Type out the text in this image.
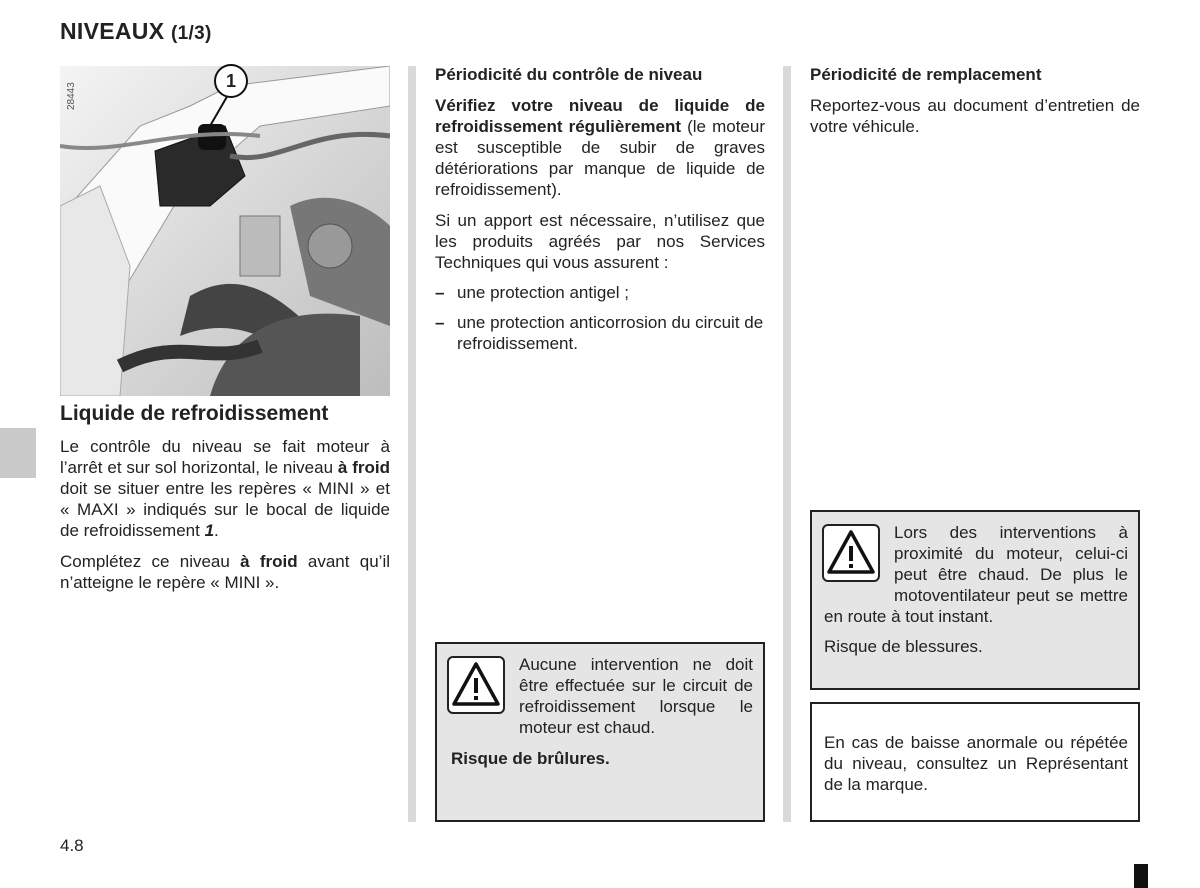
NIVEAUX (1/3)
28443
1
Liquide de refroidissement

Le contrôle du niveau se fait moteur à l’arrêt et sur sol horizontal, le niveau à froid doit se situer entre les repères « MINI » et « MAXI » indiqués sur le bocal de liquide de refroidissement 1.

Complétez ce niveau à froid avant qu’il n’atteigne le repère « MINI ».

Périodicité du contrôle de niveau

Vérifiez votre niveau de liquide de refroidissement régulièrement (le moteur est susceptible de subir de graves détériorations par manque de liquide de refroidissement).

Si un apport est nécessaire, n’utilisez que les produits agréés par nos Services Techniques qui vous assurent :

– une protection antigel ;
– une protection anticorrosion du circuit de refroidissement.

Aucune intervention ne doit être effectuée sur le circuit de refroidissement lorsque le moteur est chaud.

Risque de brûlures.

Périodicité de remplacement

Reportez-vous au document d’entretien de votre véhicule.

Lors des interventions à proximité du moteur, celui-ci peut être chaud. De plus le motoventilateur peut se mettre en route à tout instant.

Risque de blessures.

En cas de baisse anormale ou répétée du niveau, consultez un Représentant de la marque.

4.8
